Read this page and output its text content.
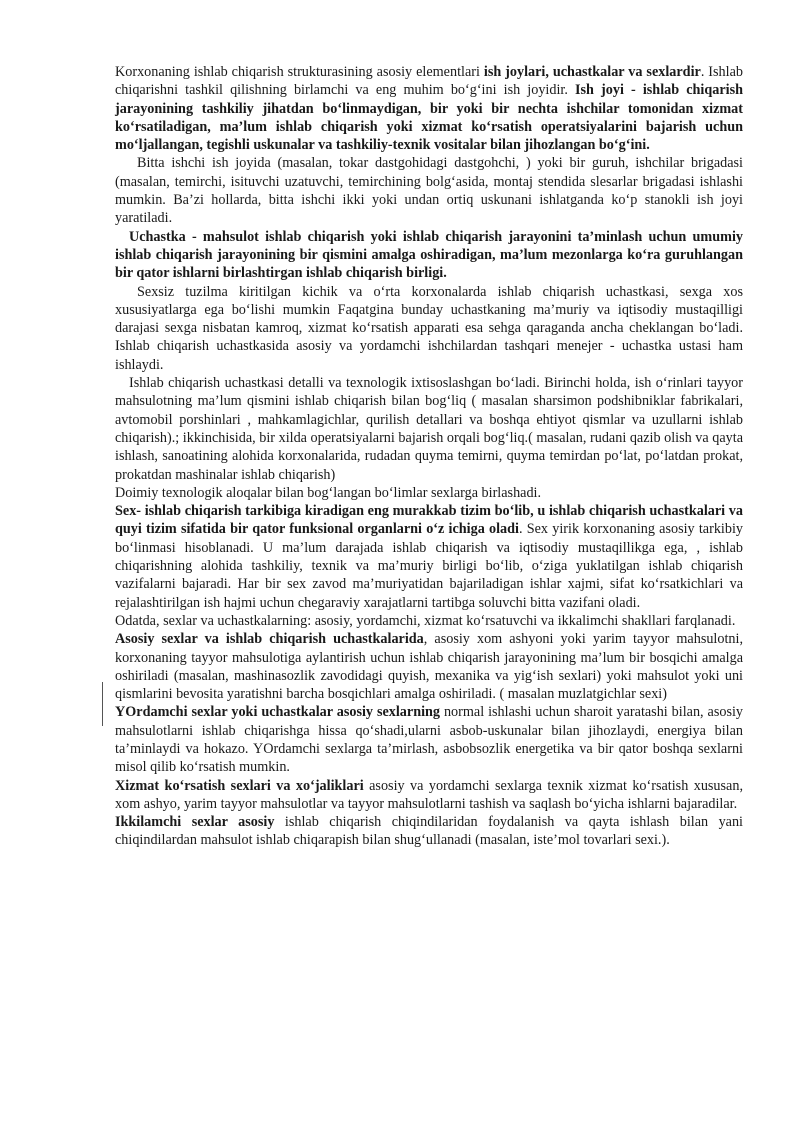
Korxonaning ishlab chiqarish strukturasining asosiy elementlari ish joylari, uchastkalar va sexlardir. Ishlab chiqarishni tashkil qilishning birlamchi va eng muhim bo‘g‘ini ish joyidir. Ish joyi - ishlab chiqarish jarayonining tashkiliy jihatdan bo‘linmaydigan, bir yoki bir nechta ishchilar tomonidan xizmat ko‘rsatiladigan, ma’lum ishlab chiqarish yoki xizmat ko‘rsatish operatsiyalarini bajarish uchun mo‘ljallangan, tegishli uskunalar va tashkiliy-texnik vositalar bilan jihozlangan bo‘g‘ini.

Bitta ishchi ish joyida (masalan, tokar dastgohidagi dastgohchi, ) yoki bir guruh, ishchilar brigadasi (masalan, temirchi, isituvchi uzatuvchi, temirchining bolg‘asida, montaj stendida slesarlar brigadasi ishlashi mumkin. Ba’zi hollarda, bitta ishchi ikki yoki undan ortiq uskunani ishlatganda ko‘p stanokli ish joyi yaratiladi.

Uchastka - mahsulot ishlab chiqarish yoki ishlab chiqarish jarayonini ta’minlash uchun umumiy ishlab chiqarish jarayonining bir qismini amalga oshiradigan, ma’lum mezonlarga ko‘ra guruhlangan bir qator ishlarni birlashtirgan ishlab chiqarish birligi.

Sexsiz tuzilma kiritilgan kichik va o‘rta korxonalarda ishlab chiqarish uchastkasi, sexga xos xususiyatlarga ega bo‘lishi mumkin Faqatgina bunday uchastkaning ma’muriy va iqtisodiy mustaqilligi darajasi sexga nisbatan kamroq, xizmat ko‘rsatish apparati esa sehga qaraganda ancha cheklangan bo‘ladi. Ishlab chiqarish uchastkasida asosiy va yordamchi ishchilardan tashqari menejer - uchastka ustasi ham ishlaydi.

Ishlab chiqarish uchastkasi detalli va texnologik ixtisoslashgan bo‘ladi. Birinchi holda, ish o‘rinlari tayyor mahsulotning ma’lum qismini ishlab chiqarish bilan bog‘liq ( masalan sharsimon podshibniklar fabrikalari, avtomobil porshinlari , mahkamlagichlar, qurilish detallari va boshqa ehtiyot qismlar va uzullarni ishlab chiqarish).; ikkinchisida, bir xilda operatsiyalarni bajarish orqali bog‘liq.( masalan, rudani qazib olish va qayta ishlash, sanoatining alohida korxonalarida, rudadan quyma temirni, quyma temirdan po‘lat, po‘latdan prokat, prokatdan mashinalar ishlab chiqarish)

Doimiy texnologik aloqalar bilan bog‘langan bo‘limlar sexlarga birlashadi.

Sex- ishlab chiqarish tarkibiga kiradigan eng murakkab tizim bo‘lib, u ishlab chiqarish uchastkalari va quyi tizim sifatida bir qator funksional organlarni o‘z ichiga oladi. Sex yirik korxonaning asosiy tarkibiy bo‘linmasi hisoblanadi. U ma’lum darajada ishlab chiqarish va iqtisodiy mustaqillikga ega, , ishlab chiqarishning alohida tashkiliy, texnik va ma’muriy birligi bo‘lib, o‘ziga yuklatilgan ishlab chiqarish vazifalarni bajaradi. Har bir sex zavod ma’muriyatidan bajariladigan ishlar xajmi, sifat ko‘rsatkichlari va rejalashtirilgan ish hajmi uchun chegaraviy xarajatlarni tartibga soluvchi bitta vazifani oladi.

Odatda, sexlar va uchastkalarning: asosiy, yordamchi, xizmat ko‘rsatuvchi va ikkalimchi shakllari farqlanadi.

Asosiy sexlar va ishlab chiqarish uchastkalarida, asosiy xom ashyoni yoki yarim tayyor mahsulotni, korxonaning tayyor mahsulotiga aylantirish uchun ishlab chiqarish jarayonining ma’lum bir bosqichi amalga oshiriladi (masalan, mashinasozlik zavodidagi quyish, mexanika va yig‘ish sexlari) yoki mahsulot yoki uni qismlarini bevosita yaratishni barcha bosqichlari amalga oshiriladi. ( masalan muzlatgichlar sexi)

YOrdamchi sexlar yoki uchastkalar asosiy sexlarning normal ishlashi uchun sharoit yaratashi bilan, asosiy mahsulotlarni ishlab chiqarishga hissa qo‘shadi,ularni asbob-uskunalar bilan jihozlaydi, energiya bilan ta’minlaydi va hokazo. YOrdamchi sexlarga ta’mirlash, asbobsozlik energetika va bir qator boshqa sexlarni misol qilib ko‘rsatish mumkin.

Xizmat ko‘rsatish sexlari va xo‘jaliklari asosiy va yordamchi sexlarga texnik xizmat ko‘rsatish xususan, xom ashyo, yarim tayyor mahsulotlar va tayyor mahsulotlarni tashish va saqlash bo‘yicha ishlarni bajaradilar.

Ikkilamchi sexlar asosiy ishlab chiqarish chiqindilaridan foydalanish va qayta ishlash bilan yani chiqindilardan mahsulot ishlab chiqarарish bilan shug‘ullanadi (masalan, iste’mol tovarlari sexi.).
